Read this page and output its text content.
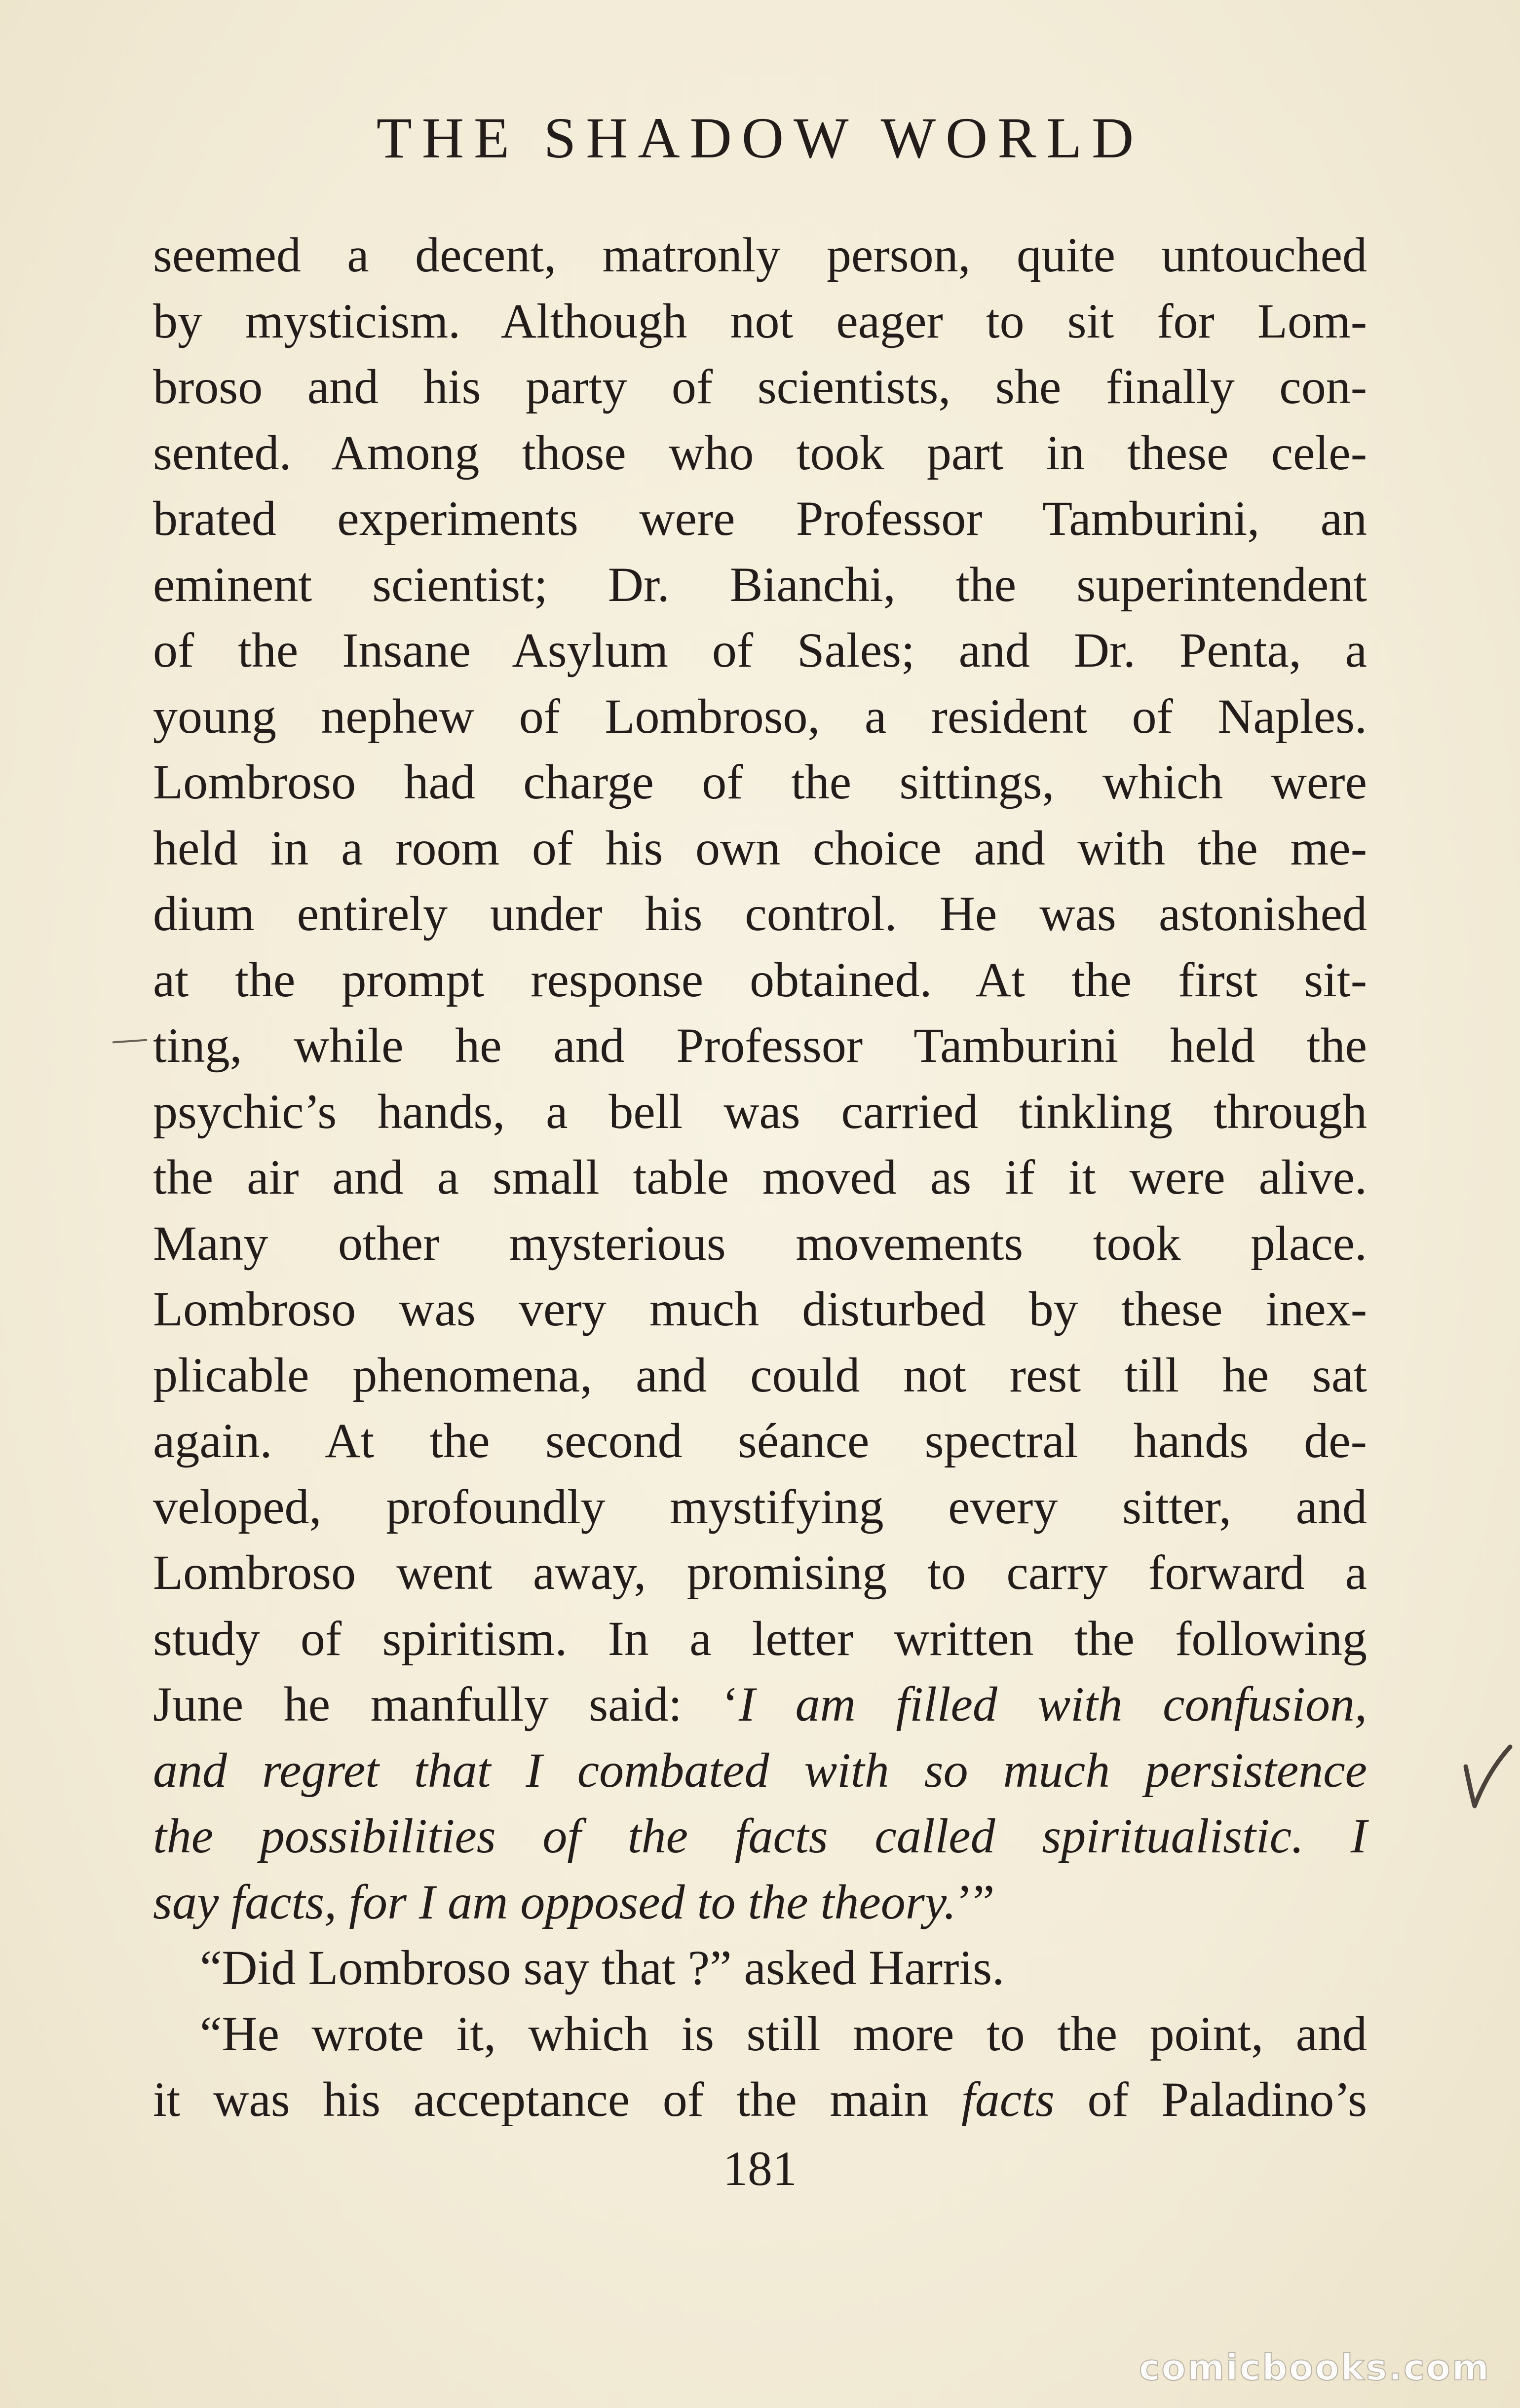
THE SHADOW WORLD
seemed a decent, matronly person, quite untouched
by mysticism. Although not eager to sit for Lom-
broso and his party of scientists, she finally con-
sented. Among those who took part in these cele-
brated experiments were Professor Tamburini, an
eminent scientist; Dr. Bianchi, the superintendent
of the Insane Asylum of Sales; and Dr. Penta, a
young nephew of Lombroso, a resident of Naples.
Lombroso had charge of the sittings, which were
held in a room of his own choice and with the me-
dium entirely under his control. He was astonished
at the prompt response obtained. At the first sit-
ting, while he and Professor Tamburini held the
psychic’s hands, a bell was carried tinkling through
the air and a small table moved as if it were alive.
Many other mysterious movements took place.
Lombroso was very much disturbed by these inex-
plicable phenomena, and could not rest till he sat
again. At the second séance spectral hands de-
veloped, profoundly mystifying every sitter, and
Lombroso went away, promising to carry forward a
study of spiritism. In a letter written the following
June he manfully said: ‘I am filled with confusion,
and regret that I combated with so much persistence
the possibilities of the facts called spiritualistic. I
say facts, for I am opposed to the theory.’”
“Did Lombroso say that ?” asked Harris.
“He wrote it, which is still more to the point, and
it was his acceptance of the main facts of Paladino’s
181
comicbooks.com
